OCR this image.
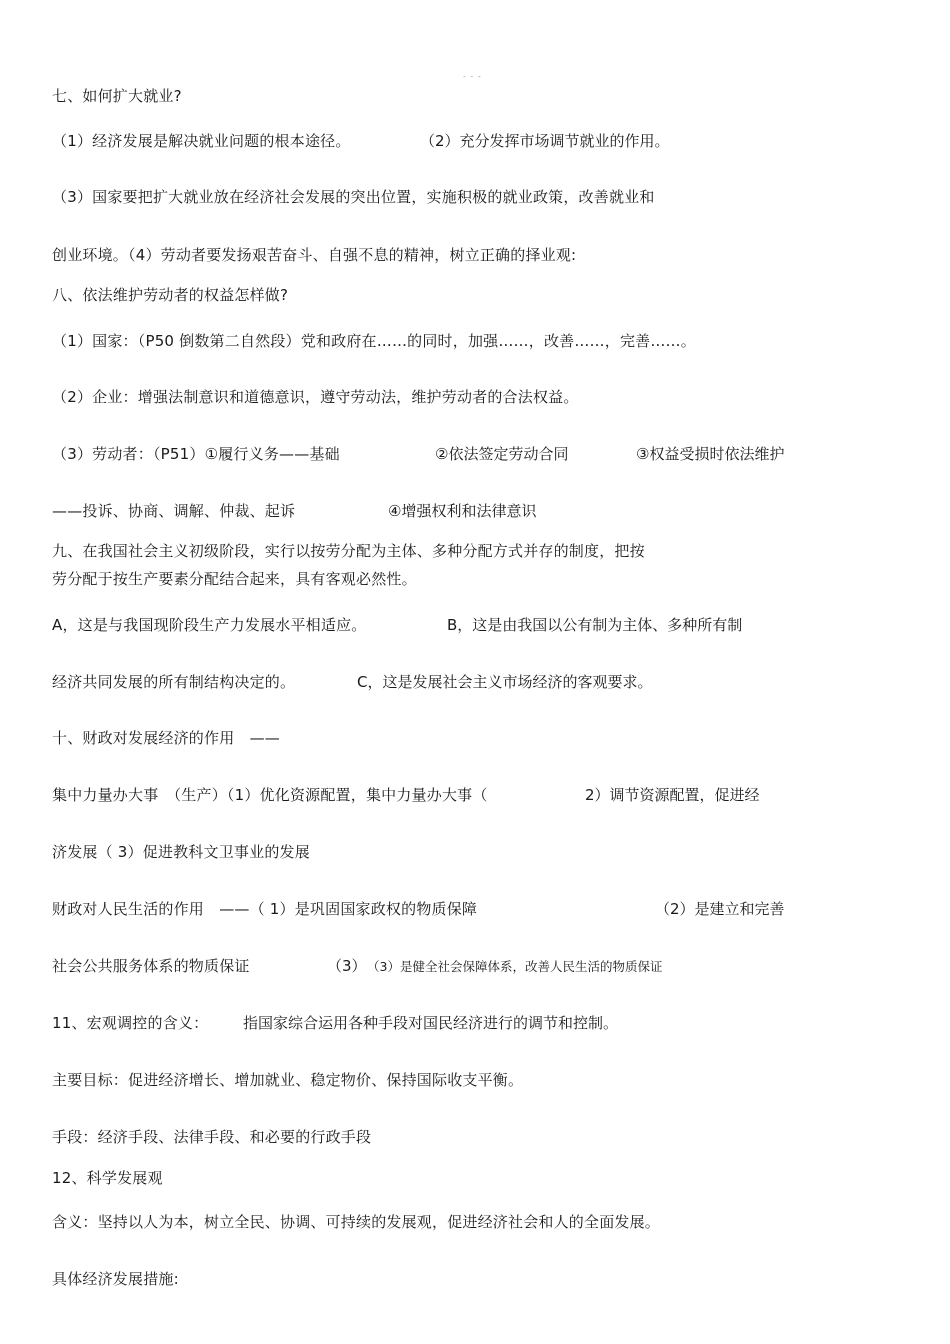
- - -
七、如何扩大就业?
（1）经济发展是解决就业问题的根本途径。	（2）充分发挥市场调节就业的作用。
（3）国家要把扩大就业放在经济社会发展的突出位置，实施积极的就业政策，改善就业和
创业环境。（4）劳动者要发扬艰苦奋斗、自强不息的精神，树立正确的择业观:
八、依法维护劳动者的权益怎样做?
（1）国家：（P50 倒数第二自然段）党和政府在……的同时，加强……，改善……，完善……。
（2）企业：增强法制意识和道德意识，遵守劳动法，维护劳动者的合法权益。
（3）劳动者：（P51）①履行义务——基础	②依法签定劳动合同	③权益受损时依法维护
——投诉、协商、调解、仲裁、起诉	④增强权利和法律意识
九、在我国社会主义初级阶段，实行以按劳分配为主体、多种分配方式并存的制度，把按
劳分配于按生产要素分配结合起来，具有客观必然性。
A，这是与我国现阶段生产力发展水平相适应。	B，这是由我国以公有制为主体、多种所有制
经济共同发展的所有制结构决定的。	C，这是发展社会主义市场经济的客观要求。
十、财政对发展经济的作用　——
集中力量办大事　（生产）（1）优化资源配置，集中力量办大事（	2）调节资源配置，促进经
济发展（ 3）促进教科文卫事业的发展
财政对人民生活的作用　——（ 1）是巩固国家政权的物质保障	（2）是建立和完善
社会公共服务体系的物质保证	（3） （3）是健全社会保障体系，改善人民生活的物质保证
11、宏观调控的含义： 指国家综合运用各种手段对国民经济进行的调节和控制。
主要目标：促进经济增长、增加就业、稳定物价、保持国际收支平衡。
手段：经济手段、法律手段、和必要的行政手段
12、科学发展观
含义：坚持以人为本，树立全民、协调、可持续的发展观，促进经济社会和人的全面发展。
具体经济发展措施:
